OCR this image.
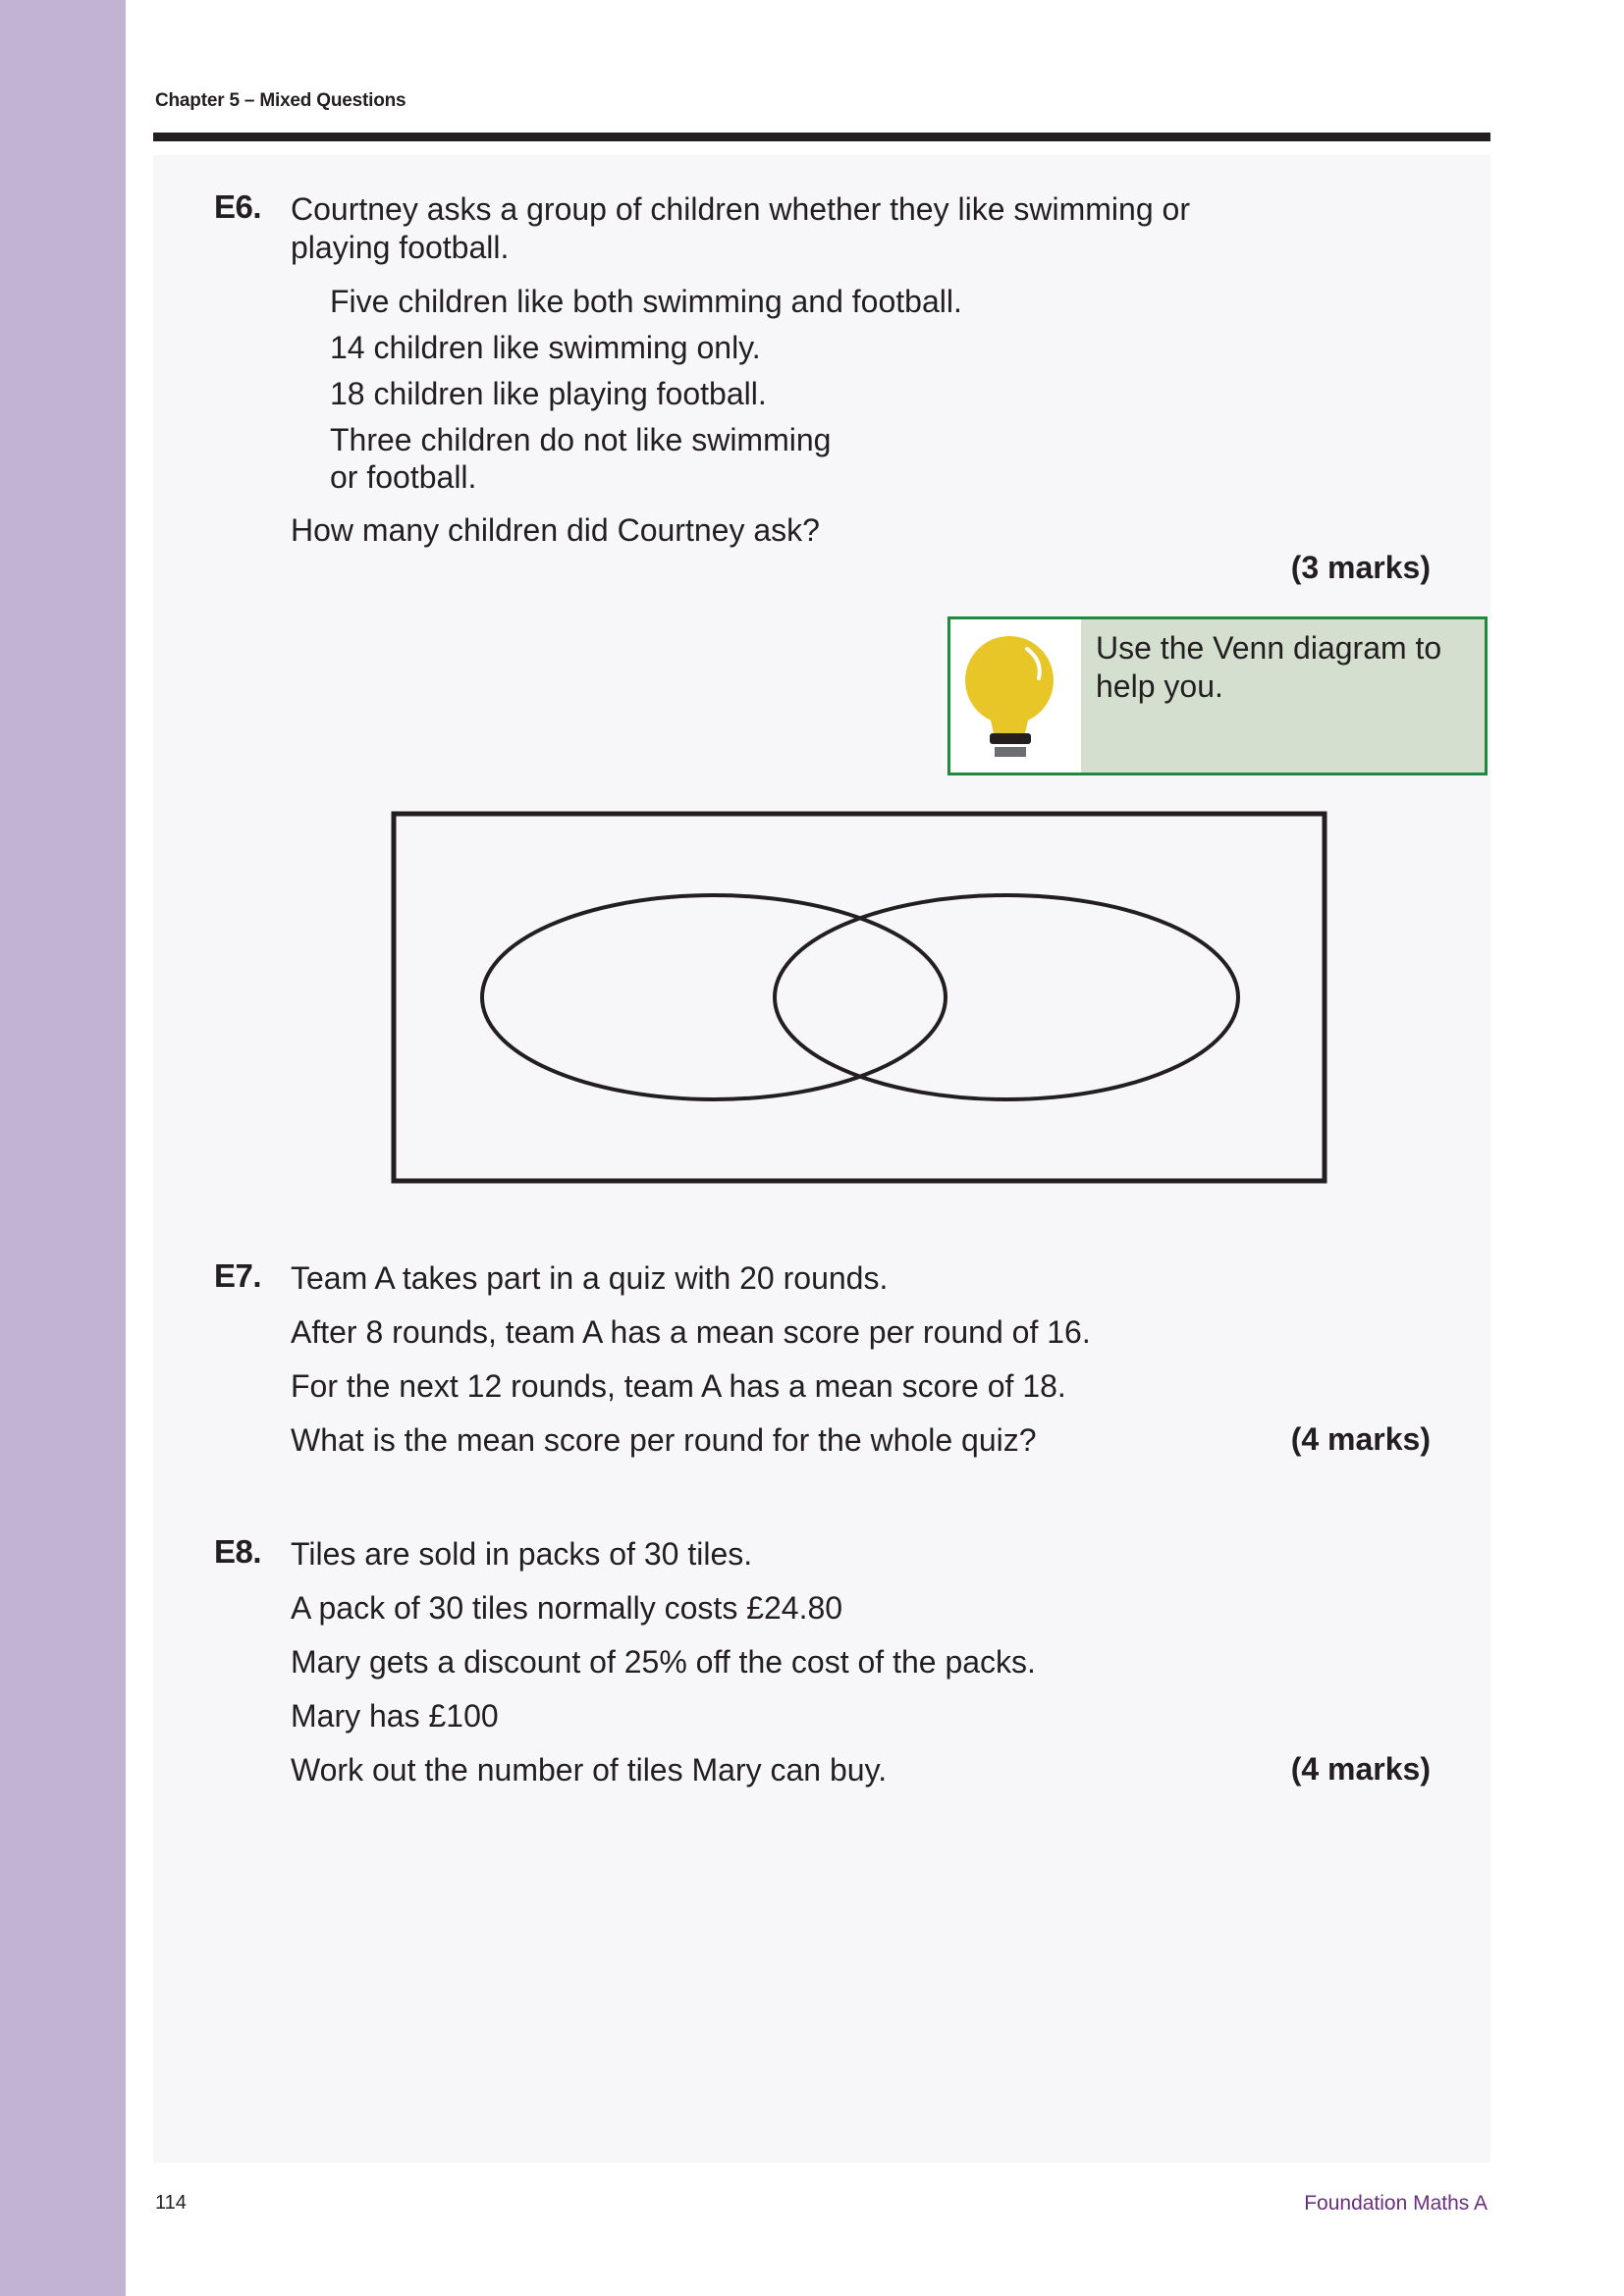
Chapter 5 – Mixed Questions
E6. Courtney asks a group of children whether they like swimming or
playing football.
Five children like both swimming and football.
14 children like swimming only.
18 children like playing football.
Three children do not like swimming
or football.
How many children did Courtney ask?
(3 marks)
Use the Venn diagram to help you.
E7. Team A takes part in a quiz with 20 rounds.
After 8 rounds, team A has a mean score per round of 16.
For the next 12 rounds, team A has a mean score of 18.
What is the mean score per round for the whole quiz?	(4 marks)
E8. Tiles are sold in packs of 30 tiles.
A pack of 30 tiles normally costs £24.80
Mary gets a discount of 25% off the cost of the packs.
Mary has £100
Work out the number of tiles Mary can buy.	(4 marks)
114	Foundation Maths A
